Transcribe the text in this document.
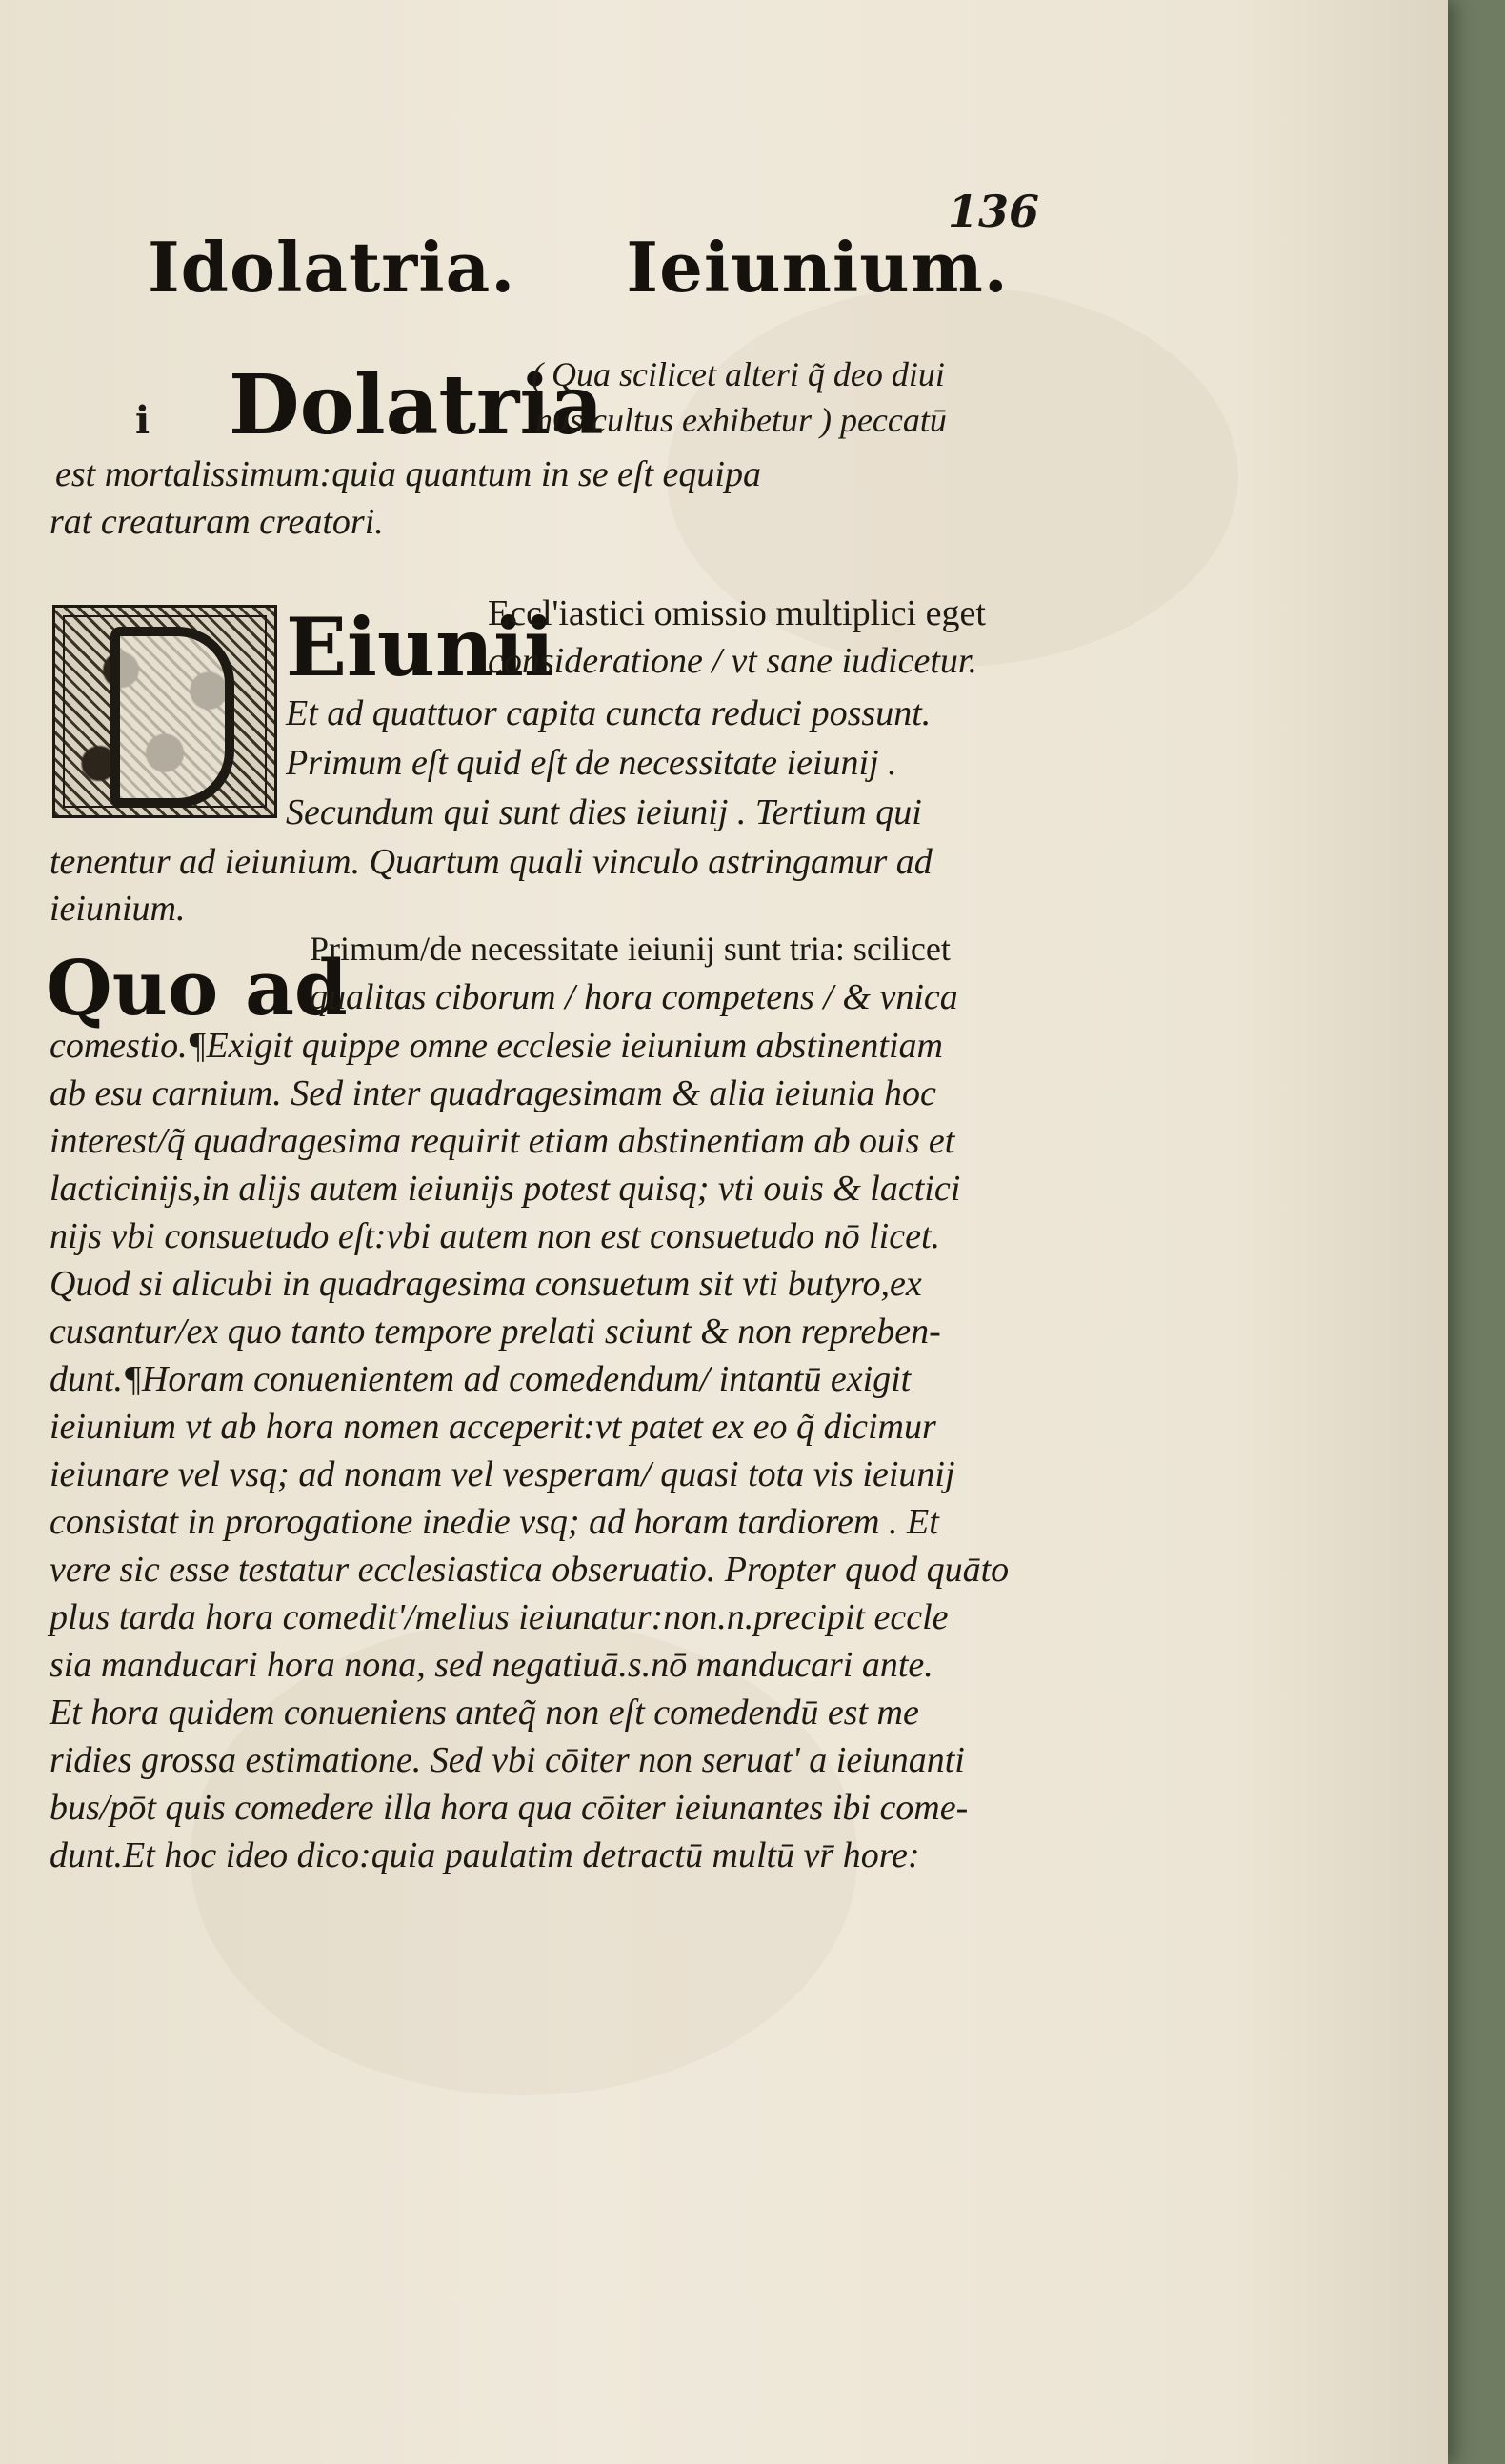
136
Idolatria. Ieiunium.
i Dolatria
( Qua scilicet alteri q̃ deo diui
nus cultus exhibetur ) peccatū
est mortalissimum:quia quantum in se eſt equipa
rat creaturam creatori.
Eiunii
Eccl'iastici omissio multiplici eget
consideratione / vt sane iudicetur.
Et ad quattuor capita cuncta reduci possunt.
Primum eſt quid eſt de necessitate ieiunij .
Secundum qui sunt dies ieiunij . Tertium qui
tenentur ad ieiunium. Quartum quali vinculo astringamur ad
ieiunium.
Quo ad
Primum/de necessitate ieiunij sunt tria: scilicet
qualitas ciborum / hora competens / & vnica
comestio.¶Exigit quippe omne ecclesie ieiunium abstinentiam
ab esu carnium. Sed inter quadragesimam & alia ieiunia hoc
interest/q̃ quadragesima requirit etiam abstinentiam ab ouis et
lacticinijs,in alijs autem ieiunijs potest quisq; vti ouis & lactici
nijs vbi consuetudo eſt:vbi autem non est consuetudo nō licet.
Quod si alicubi in quadragesima consuetum sit vti butyro,ex
cusantur/ex quo tanto tempore prelati sciunt & non repreben-
dunt.¶Horam conuenientem ad comedendum/ intantū exigit
ieiunium vt ab hora nomen acceperit:vt patet ex eo q̃ dicimur
ieiunare vel vsq; ad nonam vel vesperam/ quasi tota vis ieiunij
consistat in prorogatione inedie vsq; ad horam tardiorem . Et
vere sic esse testatur ecclesiastica obseruatio. Propter quod quāto
plus tarda hora comedit'/melius ieiunatur:non.n.precipit eccle
sia manducari hora nona, sed negatiuā.s.nō manducari ante.
Et hora quidem conueniens anteq̃ non eſt comedendū est me
ridies grossa estimatione. Sed vbi cōiter non seruat' a ieiunanti
bus/pōt quis comedere illa hora qua cōiter ieiunantes ibi come-
dunt.Et hoc ideo dico:quia paulatim detractū multū vr̄ hore:
